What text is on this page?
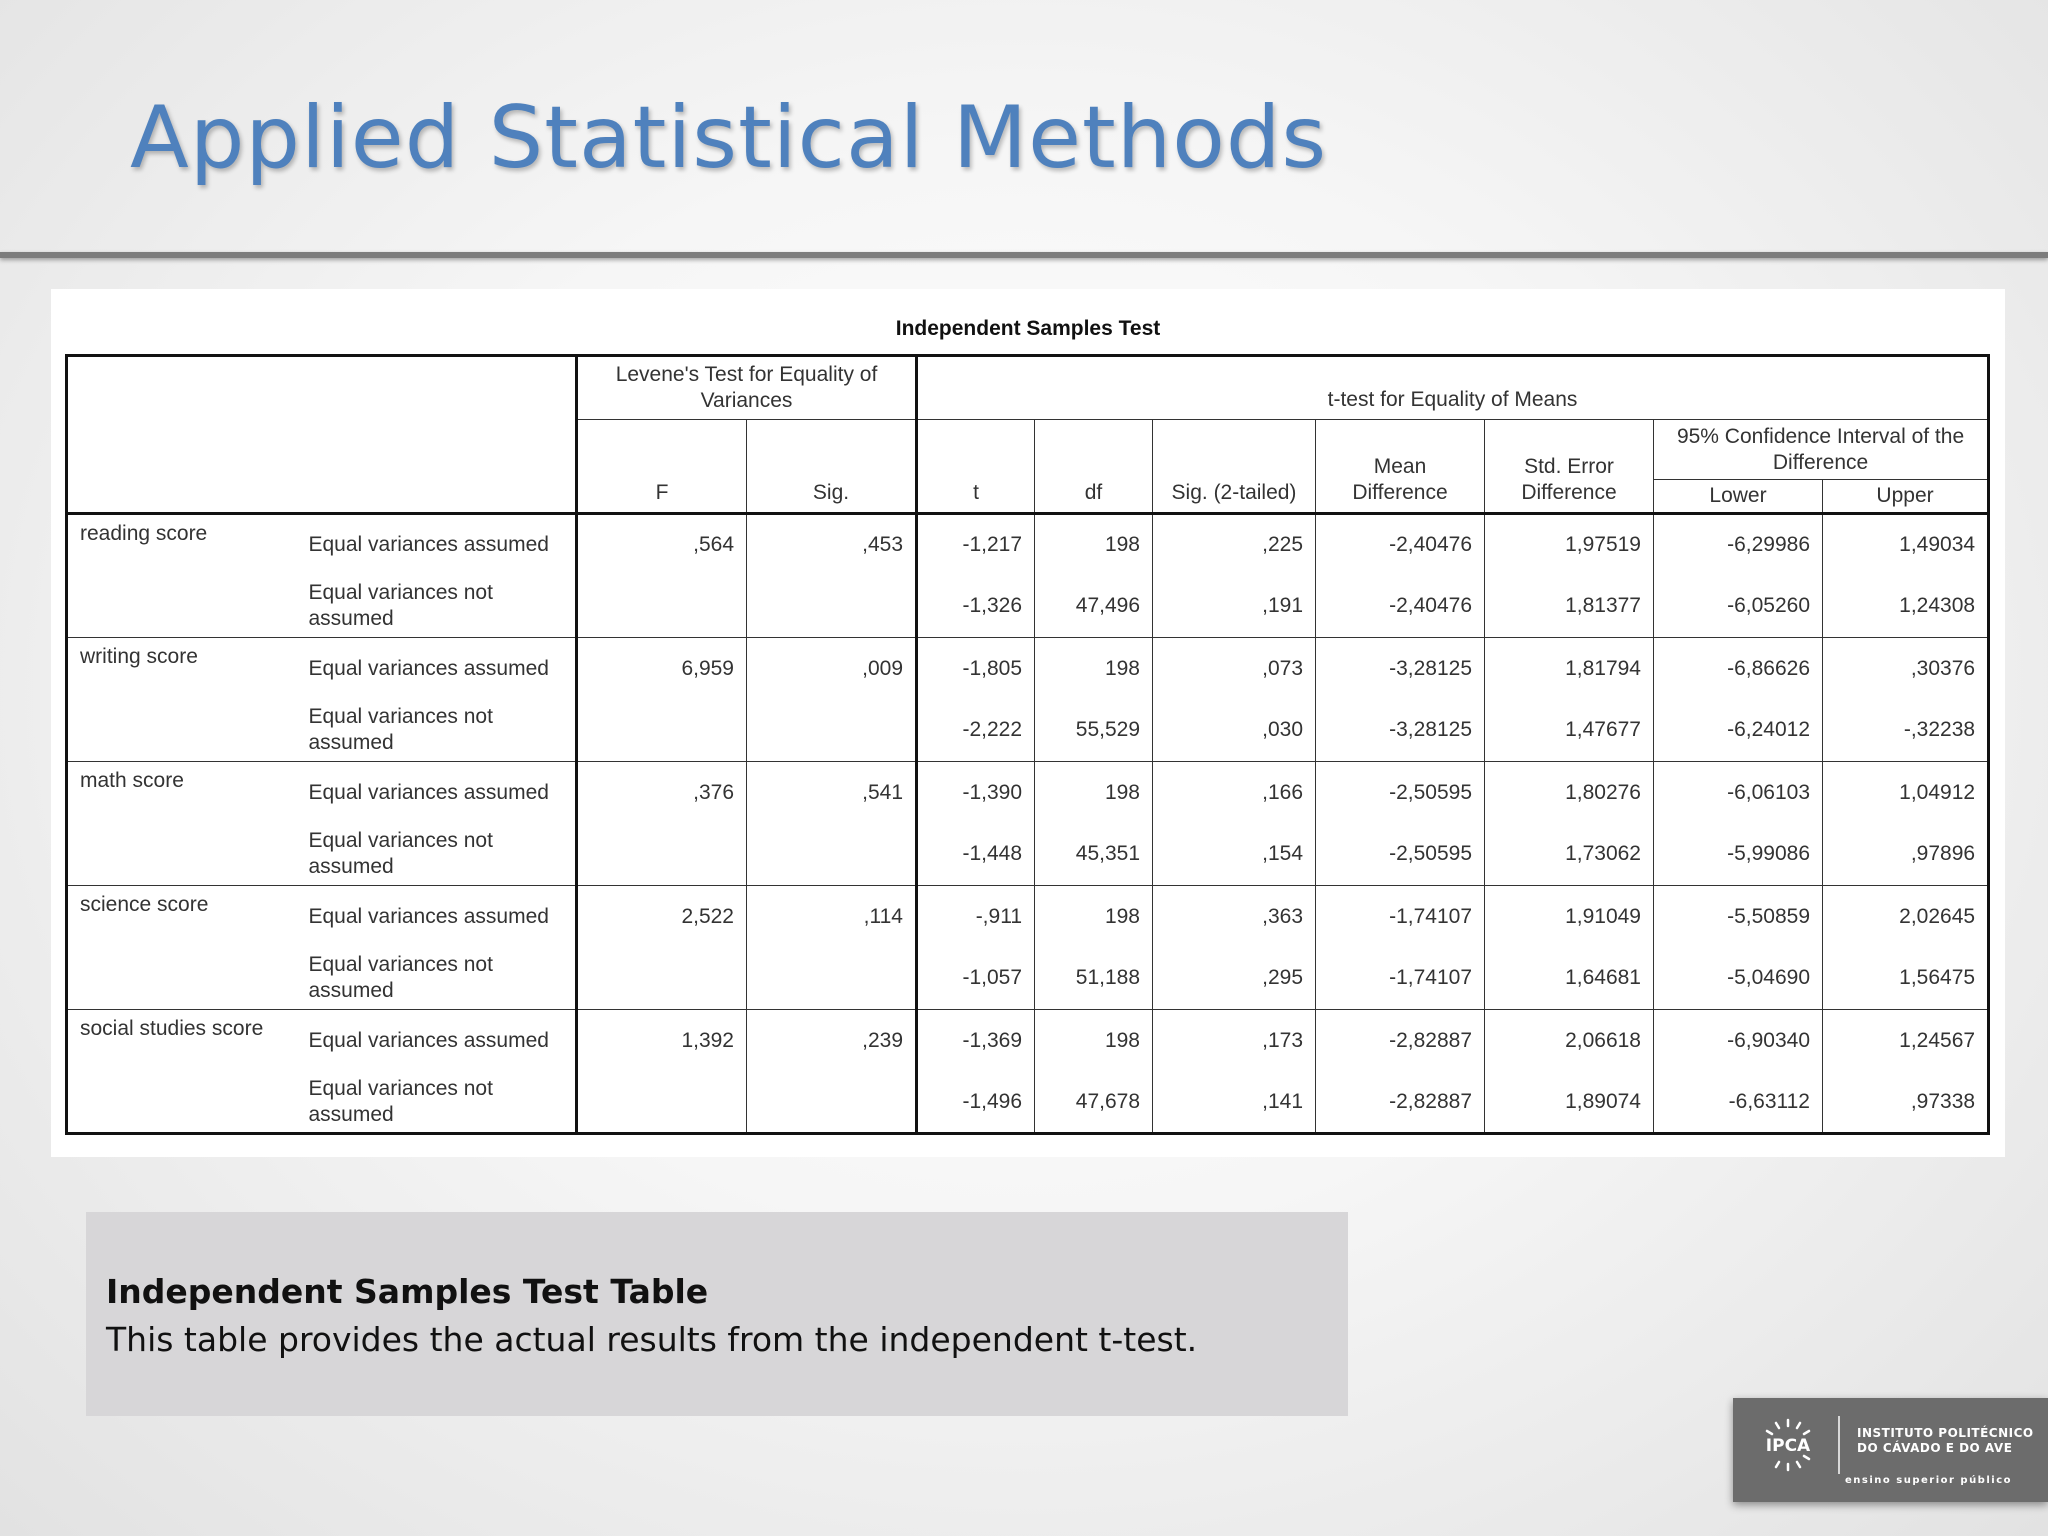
Applied Statistical Methods
Independent Samples Test
		Levene's Test for Equality of Variances		t-test for Equality of Means						
		F	Sig.	t	df	Sig. (2-tailed)	Mean Difference	Std. Error Difference	95% Confidence Interval of the Difference	
									Lower	Upper
reading score	Equal variances assumed	,564	,453	-1,217	198	,225	-2,40476	1,97519	-6,29986	1,49034
	Equal variances not assumed			-1,326	47,496	,191	-2,40476	1,81377	-6,05260	1,24308
writing score	Equal variances assumed	6,959	,009	-1,805	198	,073	-3,28125	1,81794	-6,86626	,30376
	Equal variances not assumed			-2,222	55,529	,030	-3,28125	1,47677	-6,24012	-,32238
math score	Equal variances assumed	,376	,541	-1,390	198	,166	-2,50595	1,80276	-6,06103	1,04912
	Equal variances not assumed			-1,448	45,351	,154	-2,50595	1,73062	-5,99086	,97896
science score	Equal variances assumed	2,522	,114	-,911	198	,363	-1,74107	1,91049	-5,50859	2,02645
	Equal variances not assumed			-1,057	51,188	,295	-1,74107	1,64681	-5,04690	1,56475
social studies score	Equal variances assumed	1,392	,239	-1,369	198	,173	-2,82887	2,06618	-6,90340	1,24567
	Equal variances not assumed			-1,496	47,678	,141	-2,82887	1,89074	-6,63112	,97338
Independent Samples Test Table
This table provides the actual results from the independent t-test.
IPCA
INSTITUTO POLITÉCNICO
DO CÁVADO E DO AVE
ensino superior público
